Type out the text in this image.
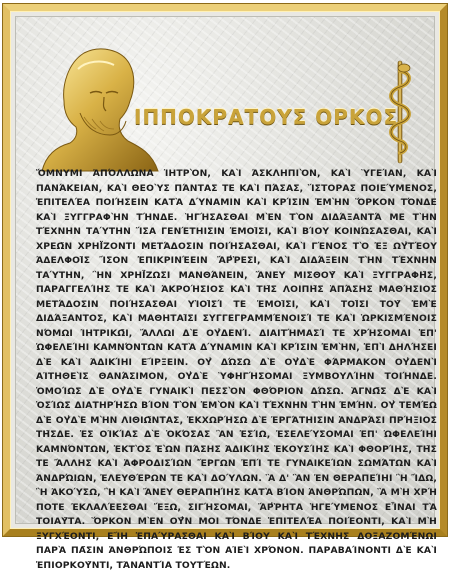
ΙΠΠΟΚΡΑΤΟΥΣ ΟΡΚΟΣ

ὌΜΝΥΜΙ ἈΠΌΛΛΩΝΑ ἸΗΤΡῸΝ, ΚΑῚ ἈΣΚΛΗΠΙῸΝ, ΚΑῚ ὙΓΕΊΑΝ, ΚΑῚ ΠΑΝΆΚΕΙΑΝ, ΚΑῚ ΘΕΟῪΣ ΠΆΝΤΑΣ ΤΕ ΚΑῚ ΠΆΣΑΣ, ἽΣΤΟΡΑΣ ΠΟΙΕΎΜΕΝΟΣ, ἘΠΙΤΕΛΈΑ ΠΟΙΉΣΕΙΝ ΚΑΤᾺ ΔΎΝΑΜΙΝ ΚΑῚ ΚΡΊΣΙΝ ἘΜῊΝ ὍΡΚΟΝ ΤΌΝΔΕ ΚΑῚ ΞΥΓΓΡΑΦῊΝ ΤΉΝΔΕ. ἩΓΉΣΑΣΘΑΙ ΜῈΝ ΤῸΝ ΔΙΔΆΞΑΝΤΆ ΜΕ ΤῊΝ ΤΈΧΝΗΝ ΤΑΎΤΗΝ ἼΣΑ ΓΕΝΈΤΗΙΣΙΝ ἘΜΟΙ͂ΣΙ, ΚΑῚ ΒΊΟΥ ΚΟΙΝΏΣΑΣΘΑΙ, ΚΑῚ ΧΡΕΩ͂Ν ΧΡΗΪ́ΖΟΝΤΙ ΜΕΤΆΔΟΣΙΝ ΠΟΙΉΣΑΣΘΑΙ, ΚΑῚ ΓΈΝΟΣ ΤῸ ἘΞ ΩΥ̓ΤΈΟΥ ἈΔΕΛΦΟΙ͂Σ ἼΣΟΝ ἘΠΙΚΡΙΝΈΕΙΝ ἌΡ̓ῬΕΣΙ, ΚΑῚ ΔΙΔΆΞΕΙΝ ΤῊΝ ΤΈΧΝΗΝ ΤΑΎΤΗΝ, ἪΝ ΧΡΗΪ́ΖΩΣΙ ΜΑΝΘΆΝΕΙΝ, ἌΝΕΥ ΜΙΣΘΟΥ͂ ΚΑῚ ΞΥΓΓΡΑΦΗ͂Σ, ΠΑΡΑΓΓΕΛΊΗΣ ΤΕ ΚΑῚ ἈΚΡΟΉΣΙΟΣ ΚΑῚ ΤΗ͂Σ ΛΟΙΠΗ͂Σ ἉΠΆΣΗΣ ΜΑΘΉΣΙΟΣ ΜΕΤΆΔΟΣΙΝ ΠΟΙΉΣΑΣΘΑΙ ΥἹΟΙ͂ΣΊ ΤΕ ἘΜΟΙ͂ΣΙ, ΚΑῚ ΤΟΙ͂ΣΙ ΤΟΥ͂ ἘΜῈ ΔΙΔΆΞΑΝΤΟΣ, ΚΑῚ ΜΑΘΗΤΑΙ͂ΣΙ ΣΥΓΓΕΓΡΑΜΜΈΝΟΙΣΊ ΤΕ ΚΑῚ ὩΡΚΙΣΜΈΝΟΙΣ ΝΌΜΩΙ ἸΗΤΡΙΚΩ͂Ι, ἌΛΛΩΙ ΔῈ ΟΥ̓ΔΕΝΊ. ΔΙΑΙΤΉΜΑΣΊ ΤΕ ΧΡΉΣΟΜΑΙ ἘΠ' ὨΦΕΛΕΊΗΙ ΚΑΜΝΌΝΤΩΝ ΚΑΤᾺ ΔΎΝΑΜΙΝ ΚΑῚ ΚΡΊΣΙΝ ἘΜῊΝ, ἘΠῚ ΔΗΛΉΣΕΙ ΔῈ ΚΑῚ ἈΔΙΚΊΗΙ ΕἼΡΞΕΙΝ. ΟΥ̓ ΔΏΣΩ ΔῈ ΟΥ̓ΔῈ ΦΆΡΜΑΚΟΝ ΟΥ̓ΔΕΝῚ ΑἸΤΗΘΕῚΣ ΘΑΝΆΣΙΜΟΝ, ΟΥ̓ΔῈ ὙΦΗΓΉΣΟΜΑΙ ΞΥΜΒΟΥΛΊΗΝ ΤΟΙΉΝΔΕ. ὉΜΟΊΩΣ ΔῈ ΟΥ̓ΔῈ ΓΥΝΑΙΚῚ ΠΕΣΣῸΝ ΦΘΌΡΙΟΝ ΔΏΣΩ. ἉΓΝΩ͂Σ ΔῈ ΚΑῚ ὉΣΊΩΣ ΔΙΑΤΗΡΉΣΩ ΒΊΟΝ ΤῸΝ ἘΜῸΝ ΚΑῚ ΤΈΧΝΗΝ ΤῊΝ ἘΜΉΝ. ΟΥ̓ ΤΕΜΈΩ ΔῈ ΟΥ̓ΔῈ ΜῊΝ ΛΙΘΙΩ͂ΝΤΑΣ, ἘΚΧΩΡΉΣΩ ΔῈ ἘΡΓΆΤΗΙΣΙΝ ἈΝΔΡΆΣΙ ΠΡΉΞΙΟΣ ΤΗ͂ΣΔΕ. ἘΣ ΟἸΚΊΑΣ ΔῈ ὉΚΌΣΑΣ ἊΝ ἘΣΊΩ, ἘΣΕΛΕΎΣΟΜΑΙ ἘΠ' ὨΦΕΛΕΊΗΙ ΚΑΜΝΌΝΤΩΝ, ἘΚΤῸΣ ἘῺΝ ΠΆΣΗΣ ἈΔΙΚΊΗΣ ἙΚΟΥΣΊΗΣ ΚΑῚ ΦΘΟΡΊΗΣ, ΤΗ͂Σ ΤΕ ἌΛΛΗΣ ΚΑῚ ἈΦΡΟΔΙΣΊΩΝ ἜΡΓΩΝ ἘΠΊ ΤΕ ΓΥΝΑΙΚΕΊΩΝ ΣΩΜΆΤΩΝ ΚΑῚ ἈΝΔΡΏΙΩΝ, ἘΛΕΥΘΈΡΩΝ ΤΕ ΚΑῚ ΔΟΎΛΩΝ. Ἃ Δ' ἊΝ ἘΝ ΘΕΡΑΠΕΊΗΙ Ἢ ἼΔΩ, Ἢ ἈΚΟΎΣΩ, Ἢ ΚΑῚ ἌΝΕΥ ΘΕΡΑΠΗΊΗΣ ΚΑΤᾺ ΒΊΟΝ ἈΝΘΡΏΠΩΝ, Ἃ ΜῊ ΧΡΉ ΠΟΤΕ ἘΚΛΑΛΈΕΣΘΑΙ ἜΞΩ, ΣΙΓΉΣΟΜΑΙ, ἌΡ̓ῬΗΤΑ ἩΓΕΎΜΕΝΟΣ ΕἾΝΑΙ ΤᾺ ΤΟΙΑΥ͂ΤΑ. ὍΡΚΟΝ ΜῈΝ ΟΥ̓͂Ν ΜΟΙ ΤΌΝΔΕ ἘΠΙΤΕΛΈΑ ΠΟΙΈΟΝΤΙ, ΚΑῚ ΜῊ ΞΥΓΧΈΟΝΤΙ, ΕἼΗ ἘΠΑΎΡΑΣΘΑΙ ΚΑῚ ΒΊΟΥ ΚΑῚ ΤΈΧΝΗΣ ΔΟΞΑΖΟΜΈΝΩΙ ΠΑΡᾺ ΠΑ͂ΣΙΝ ἈΝΘΡΏΠΟΙΣ ἘΣ ΤῸΝ ΑἸΕῚ ΧΡΌΝΟΝ. ΠΑΡΑΒΑΊΝΟΝΤΙ ΔῈ ΚΑῚ ἘΠΙΟΡΚΟΥ͂ΝΤΙ, ΤἈΝΑΝΤΊΑ ΤΟΥΤΈΩΝ.
